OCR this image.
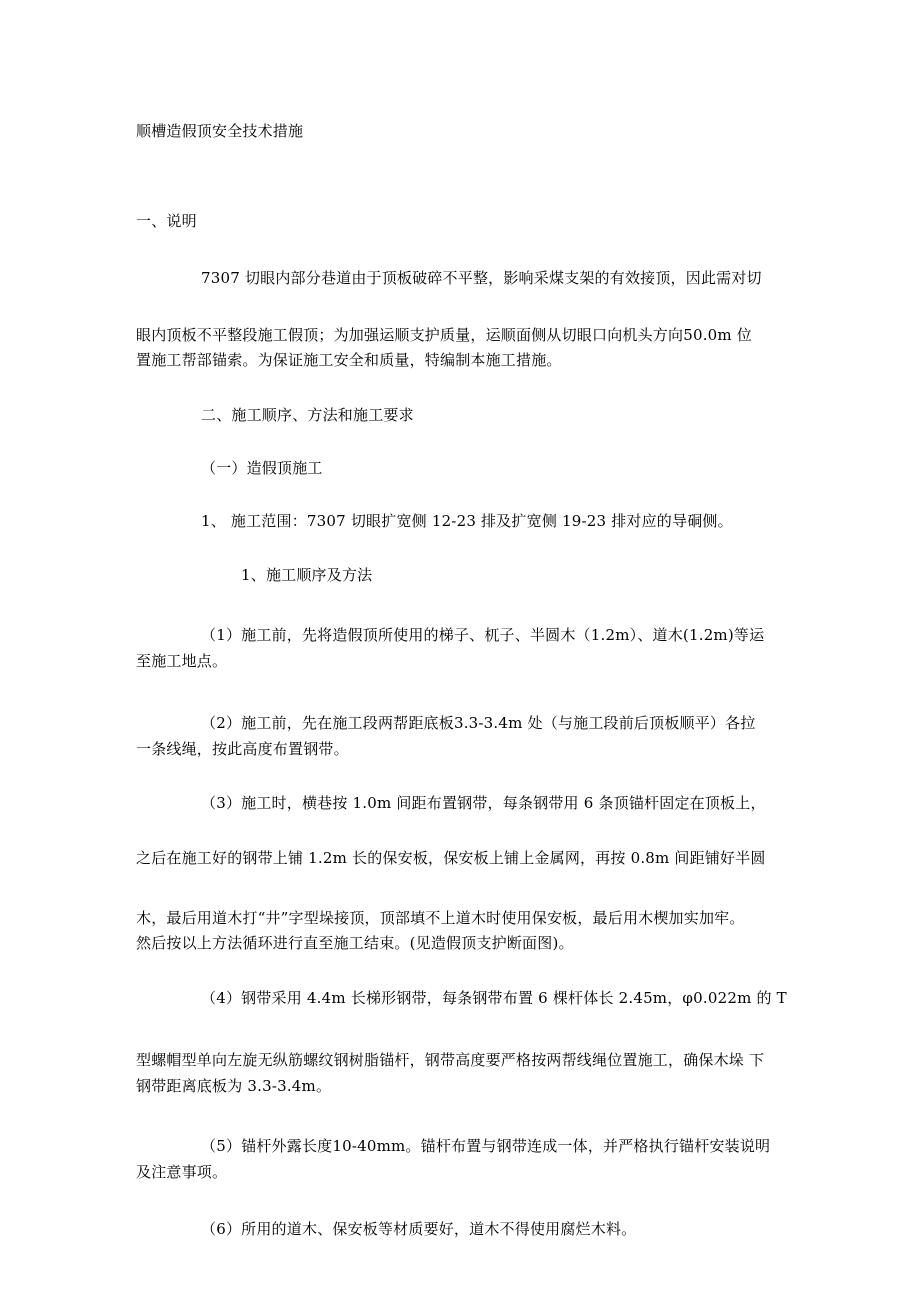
顺槽造假顶安全技术措施
一、说明
7307 切眼内部分巷道由于顶板破碎不平整，影响采煤支架的有效接顶，因此需对切
眼内顶板不平整段施工假顶；为加强运顺支护质量，运顺面侧从切眼口向机头方向50.0m 位
置施工帮部锚索。为保证施工安全和质量，特编制本施工措施。
二、施工顺序、方法和施工要求
（一）造假顶施工
1、 施工范围：7307 切眼扩宽侧 12-23 排及扩宽侧 19-23 排对应的导硐侧。
1、施工顺序及方法
（1）施工前，先将造假顶所使用的梯子、杌子、半圆木（1.2m）、道木(1.2m)等运
至施工地点。
（2）施工前，先在施工段两帮距底板3.3-3.4m 处（与施工段前后顶板顺平）各拉
一条线绳，按此高度布置钢带。
（3）施工时，横巷按 1.0m 间距布置钢带，每条钢带用 6 条顶锚杆固定在顶板上，
之后在施工好的钢带上铺 1.2m 长的保安板，保安板上铺上金属网，再按 0.8m 间距铺好半圆
木，最后用道木打“井”字型垛接顶，顶部填不上道木时使用保安板，最后用木楔加实加牢。
然后按以上方法循环进行直至施工结束。(见造假顶支护断面图)。
（4）钢带采用 4.4m 长梯形钢带，每条钢带布置 6 棵杆体长 2.45m，φ0.022m 的 T
型螺帽型单向左旋无纵筋螺纹钢树脂锚杆，钢带高度要严格按两帮线绳位置施工，确保木垛 下
钢带距离底板为 3.3-3.4m。
（5）锚杆外露长度10-40mm。锚杆布置与钢带连成一体，并严格执行锚杆安装说明
及注意事项。
（6）所用的道木、保安板等材质要好，道木不得使用腐烂木料。
